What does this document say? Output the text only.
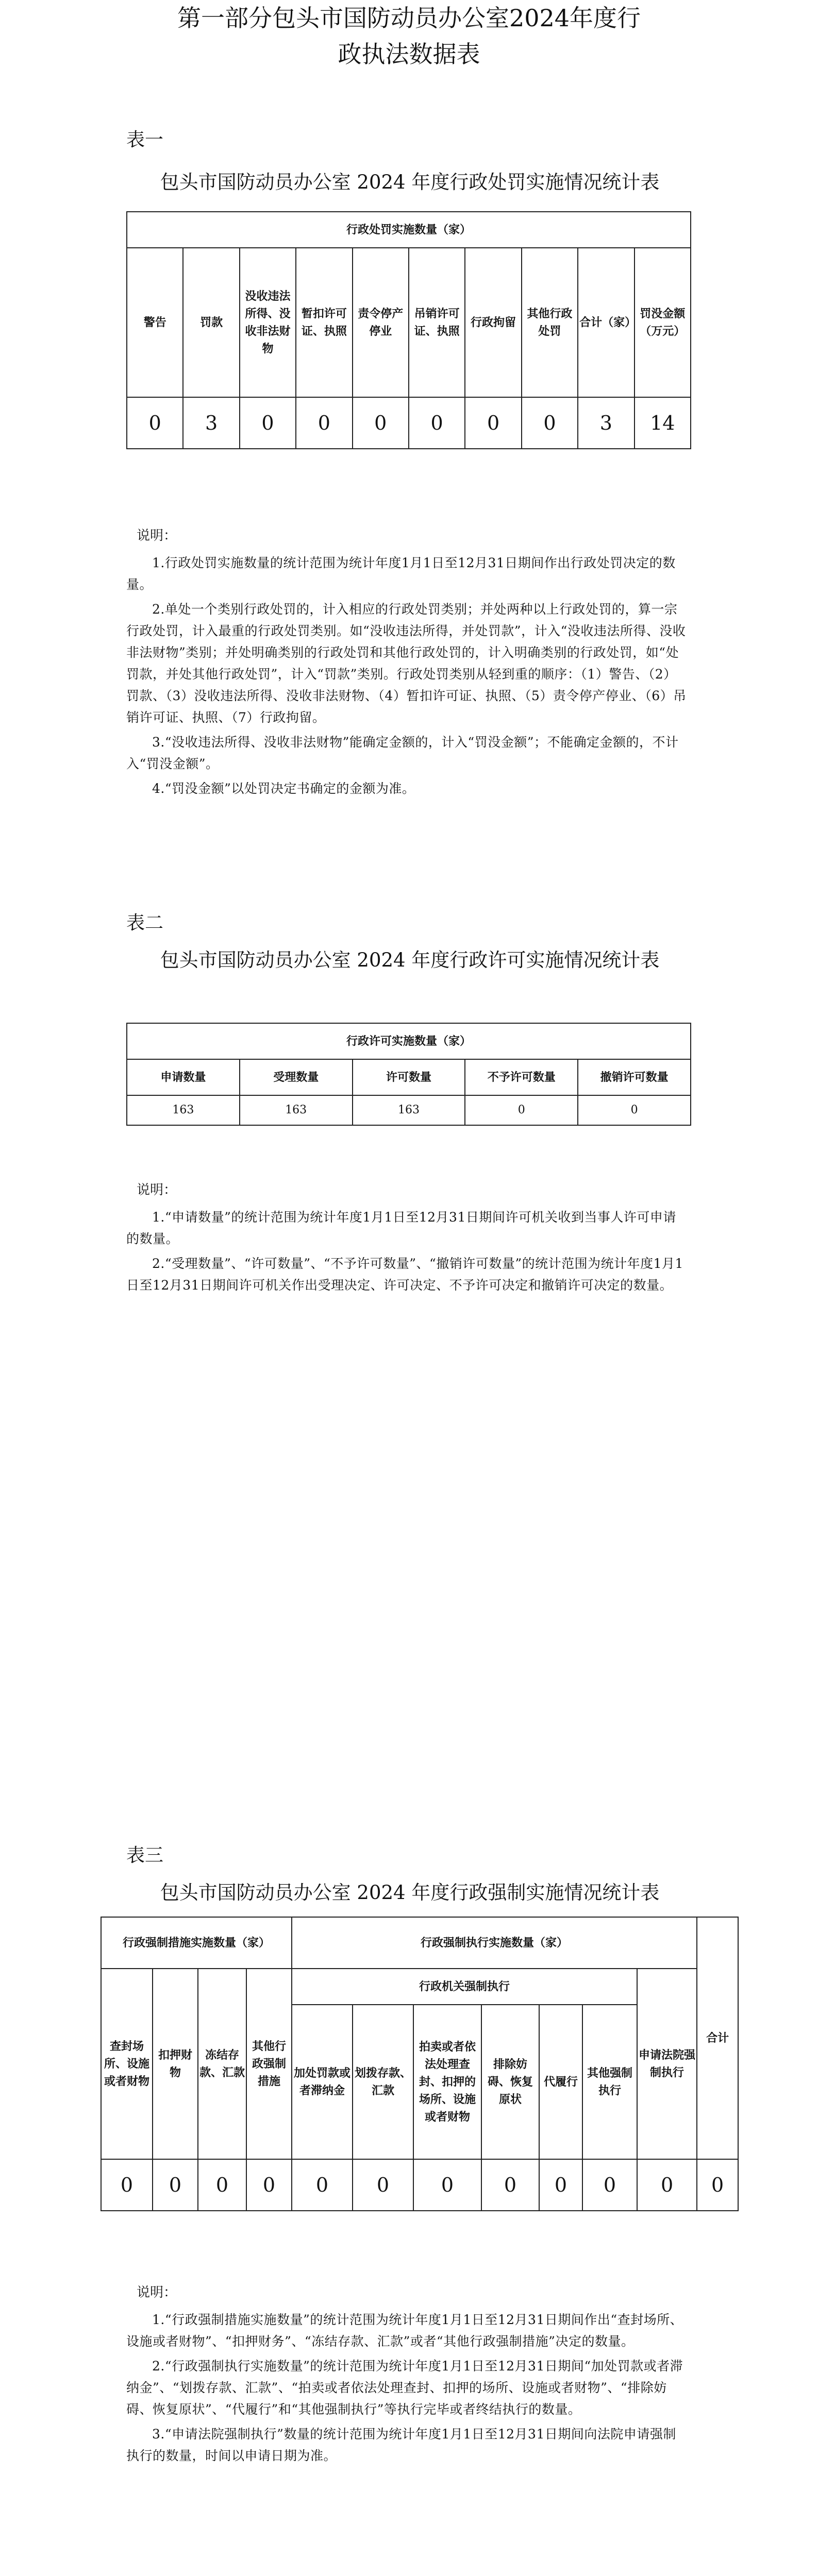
第一部分包头市国防动员办公室2024年度行
政执法数据表
表一
包头市国防动员办公室 2024 年度行政处罚实施情况统计表
行政处罚实施数量（家）									
警告	罚款	没收违法所得、没收非法财物	暂扣许可证、执照	责令停产停业	吊销许可证、执照	行政拘留	其他行政处罚	合计（家）	罚没金额（万元）
0	3	0	0	0	0	0	0	3	14

说明：

1.行政处罚实施数量的统计范围为统计年度1月1日至12月31日期间作出行政处罚决定的数量。

2.单处一个类别行政处罚的，计入相应的行政处罚类别；并处两种以上行政处罚的，算一宗行政处罚，计入最重的行政处罚类别。如“没收违法所得，并处罚款”，计入“没收违法所得、没收非法财物”类别；并处明确类别的行政处罚和其他行政处罚的，计入明确类别的行政处罚，如“处罚款，并处其他行政处罚”，计入“罚款”类别。行政处罚类别从轻到重的顺序：（1）警告、（2）罚款、（3）没收违法所得、没收非法财物、（4）暂扣许可证、执照、（5）责令停产停业、（6）吊销许可证、执照、（7）行政拘留。

3.“没收违法所得、没收非法财物”能确定金额的，计入“罚没金额”；不能确定金额的，不计入“罚没金额”。

4.“罚没金额”以处罚决定书确定的金额为准。

表二
包头市国防动员办公室 2024 年度行政许可实施情况统计表
行政许可实施数量（家）				
申请数量	受理数量	许可数量	不予许可数量	撤销许可数量
163	163	163	0	0

说明：

1.“申请数量”的统计范围为统计年度1月1日至12月31日期间许可机关收到当事人许可申请的数量。

2.“受理数量”、“许可数量”、“不予许可数量”、“撤销许可数量”的统计范围为统计年度1月1日至12月31日期间许可机关作出受理决定、许可决定、不予许可决定和撤销许可决定的数量。

表三
包头市国防动员办公室 2024 年度行政强制实施情况统计表
行政强制措施实施数量（家）				行政强制执行实施数量（家）							合计
查封场所、设施或者财物	扣押财物	冻结存款、汇款	其他行政强制措施	行政机关强制执行						申请法院强制执行	
				加处罚款或者滞纳金	划拨存款、汇款	拍卖或者依法处理查封、扣押的场所、设施或者财物	排除妨碍、恢复原状	代履行	其他强制执行		
0	0	0	0	0	0	0	0	0	0	0	0

说明：

1.“行政强制措施实施数量”的统计范围为统计年度1月1日至12月31日期间作出“查封场所、设施或者财物”、“扣押财务”、“冻结存款、汇款”或者“其他行政强制措施”决定的数量。

2.“行政强制执行实施数量”的统计范围为统计年度1月1日至12月31日期间“加处罚款或者滞纳金”、“划拨存款、汇款”、“拍卖或者依法处理查封、扣押的场所、设施或者财物”、“排除妨碍、恢复原状”、“代履行”和“其他强制执行”等执行完毕或者终结执行的数量。

3.“申请法院强制执行”数量的统计范围为统计年度1月1日至12月31日期间向法院申请强制执行的数量，时间以申请日期为准。
